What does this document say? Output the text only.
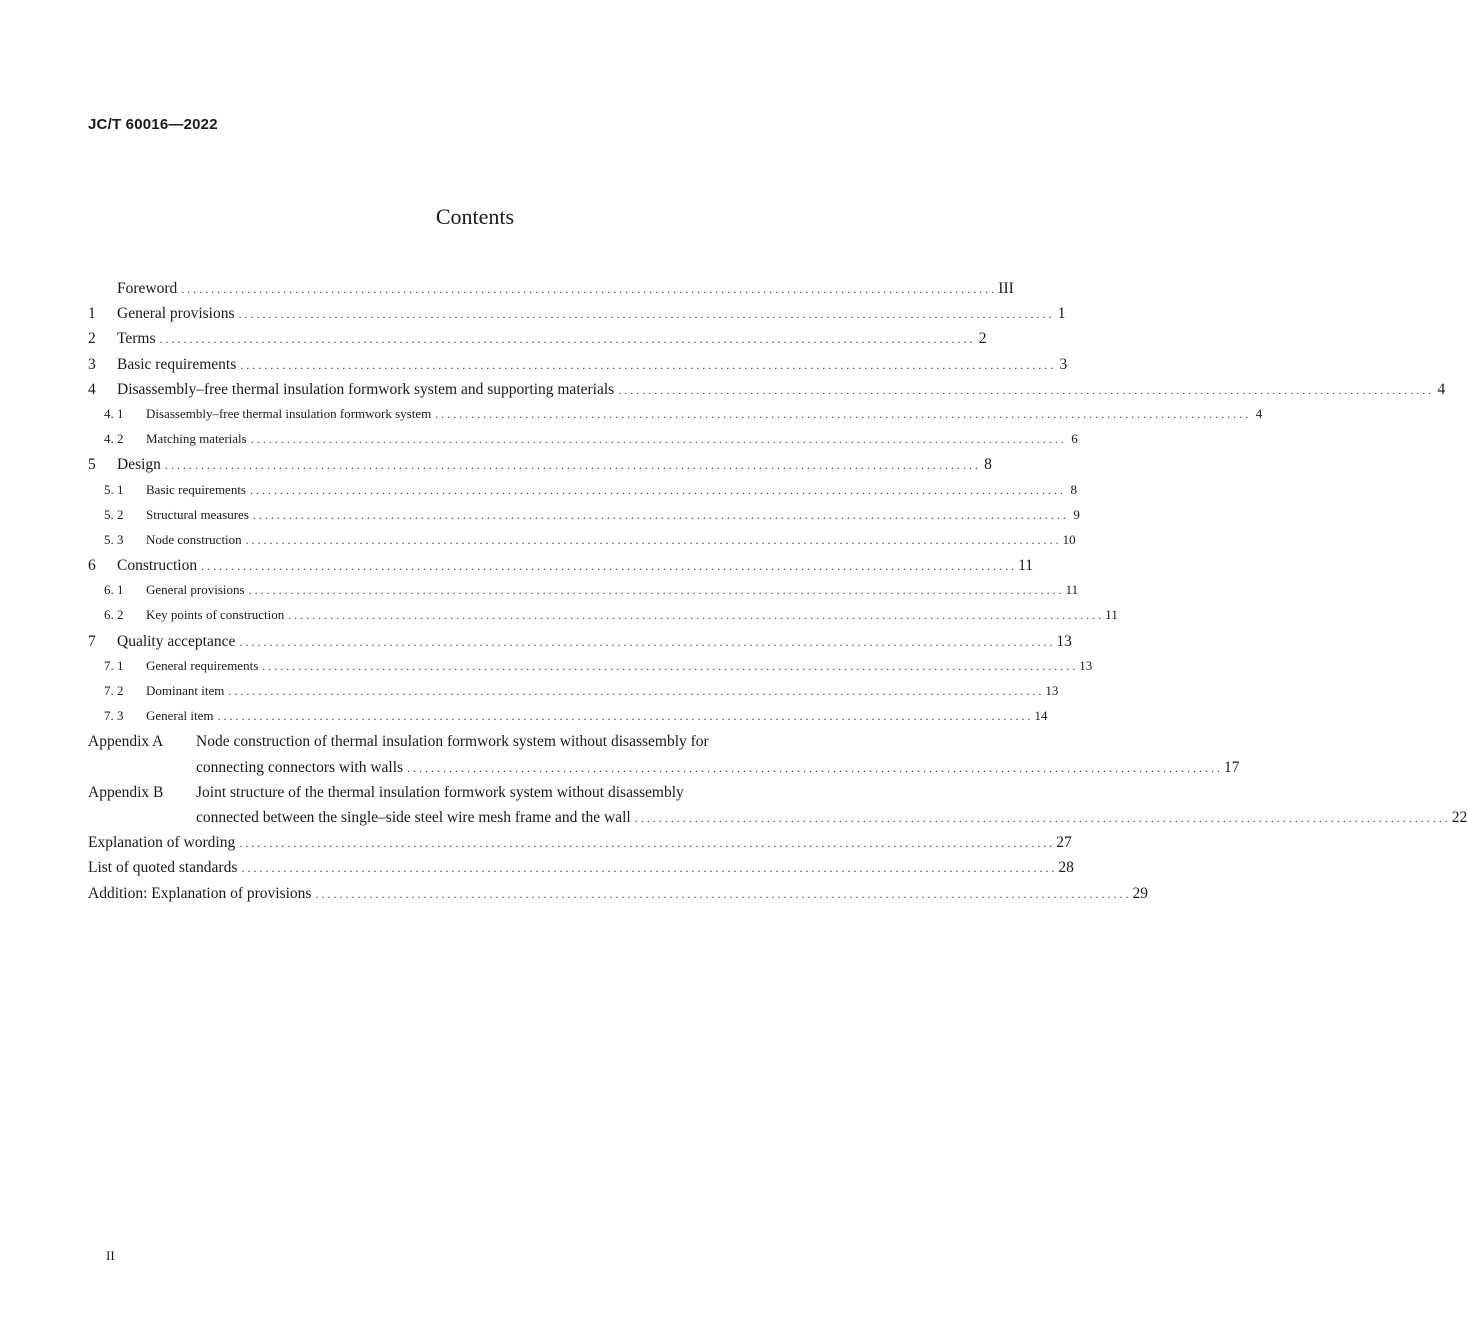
JC/T 60016—2022
Contents
Foreword . . .	III
1	General provisions . . .	1
2	Terms . . .	2
3	Basic requirements . . .	3
4	Disassembly–free thermal insulation formwork system and supporting materials . . .	4
4. 1	Disassembly–free thermal insulation formwork system . . .	4
4. 2	Matching materials . . .	6
5	Design . . .	8
5. 1	Basic requirements . . .	8
5. 2	Structural measures . . .	9
5. 3	Node construction . . .	10
6	Construction . . .	11
6. 1	General provisions . . .	11
6. 2	Key points of construction . . .	11
7	Quality acceptance . . .	13
7. 1	General requirements . . .	13
7. 2	Dominant item . . .	13
7. 3	General item . . .	14
Appendix A	Node construction of thermal insulation formwork system without disassembly for
connecting connectors with walls . . .	17
Appendix B	Joint structure of the thermal insulation formwork system without disassembly
connected between the single–side steel wire mesh frame and the wall . . .	22
Explanation of wording . . .	27
List of quoted standards . . .	28
Addition: Explanation of provisions . . .	29
II
